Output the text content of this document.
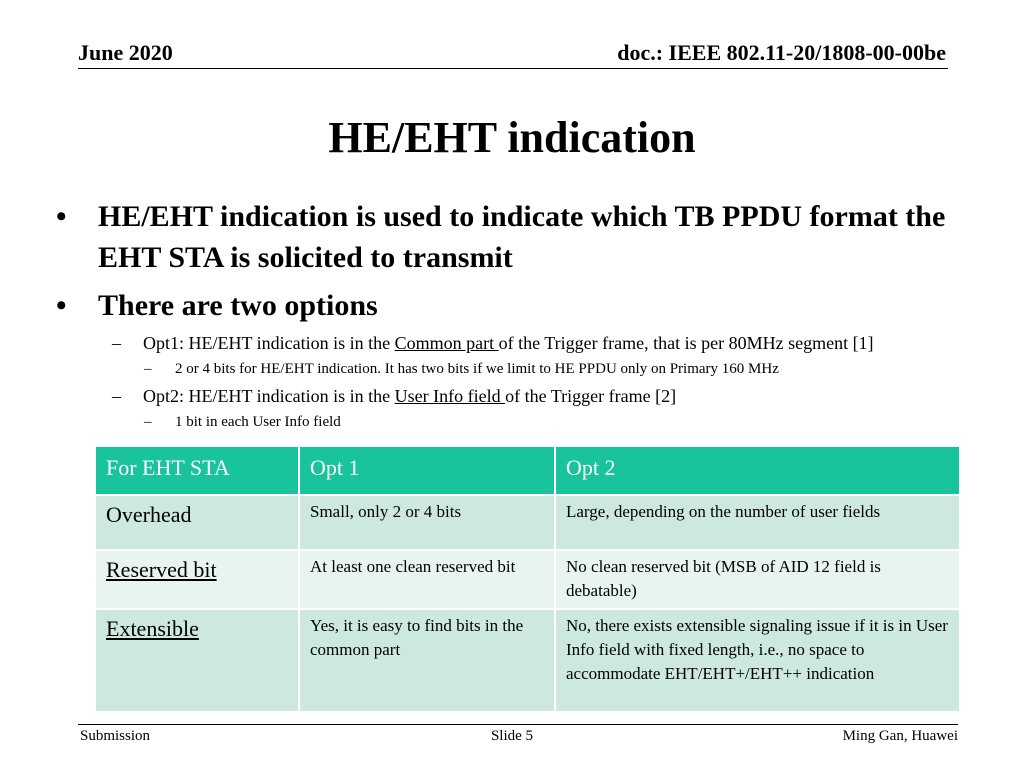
June 2020	doc.: IEEE 802.11-20/1808-00-00be
HE/EHT indication
• HE/EHT indication is used to indicate which TB PPDU format the EHT STA is solicited to transmit
• There are two options
– Opt1: HE/EHT indication is in the Common part of the Trigger frame, that is per 80MHz segment [1]
– 2 or 4 bits for HE/EHT indication. It has two bits if we limit to HE PPDU only on Primary 160 MHz
– Opt2: HE/EHT indication is in the User Info field of the Trigger frame [2]
– 1 bit in each User Info field
For EHT STA	Opt 1	Opt 2
Overhead	Small, only 2 or 4 bits	Large, depending on the number of user fields
Reserved bit	At least one clean reserved bit	No clean reserved bit (MSB of AID 12 field is debatable)
Extensible	Yes, it is easy to find bits in the common part	No, there exists extensible signaling issue if it is in User Info field with fixed length, i.e., no space to accommodate EHT/EHT+/EHT++ indication
Submission	Slide 5	Ming Gan, Huawei
